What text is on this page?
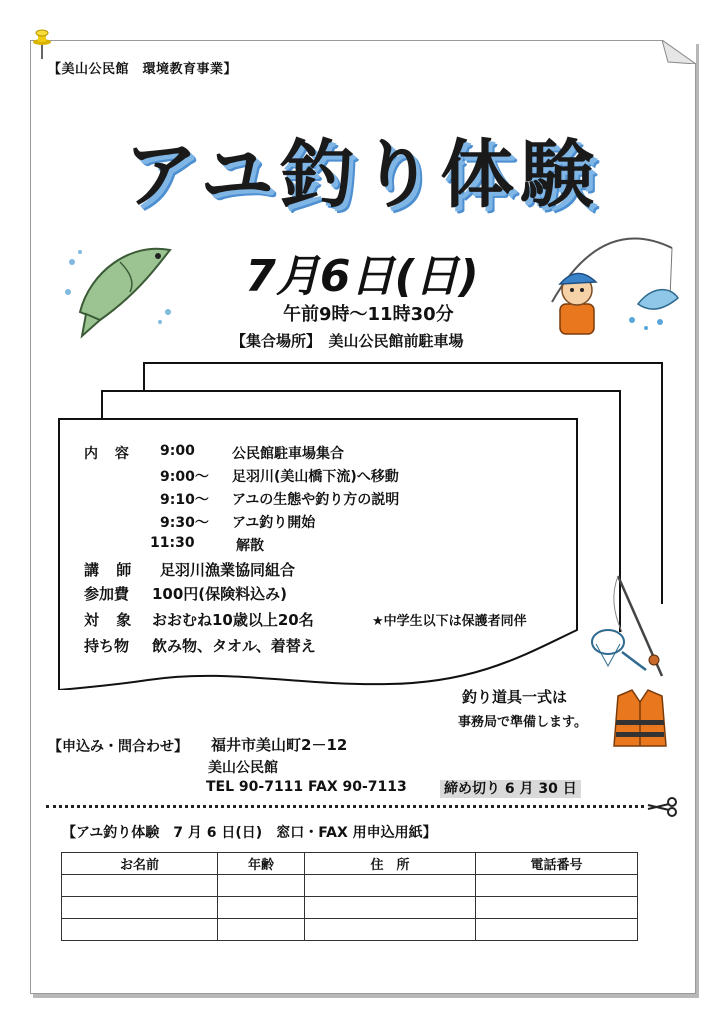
【美山公民館　環境教育事業】
アユ釣り体験
7月6日(日)
午前9時～11時30分
【集合場所】　美山公民館前駐車場
内 容 9:00	公民館駐車場集合
9:00～ 足羽川(美山橋下流)へ移動
9:10～ アユの生態や釣り方の説明
9:30～ アユ釣り開始
11:30	解散
講 師 足羽川漁業協同組合
参加費 100円(保険料込み)
対 象 おおむね10歳以上20名	★中学生以下は保護者同伴
持ち物 飲み物、タオル、着替え
釣り道具一式は
事務局で準備します。
【申込み・問合わせ】 福井市美山町2－12
美山公民館
TEL 90-7111 FAX 90-7113	締め切り 6 月 30 日
【アユ釣り体験　7 月 6 日(日)　窓口・FAX 用申込用紙】
お名前	年齢	住　所	電話番号
